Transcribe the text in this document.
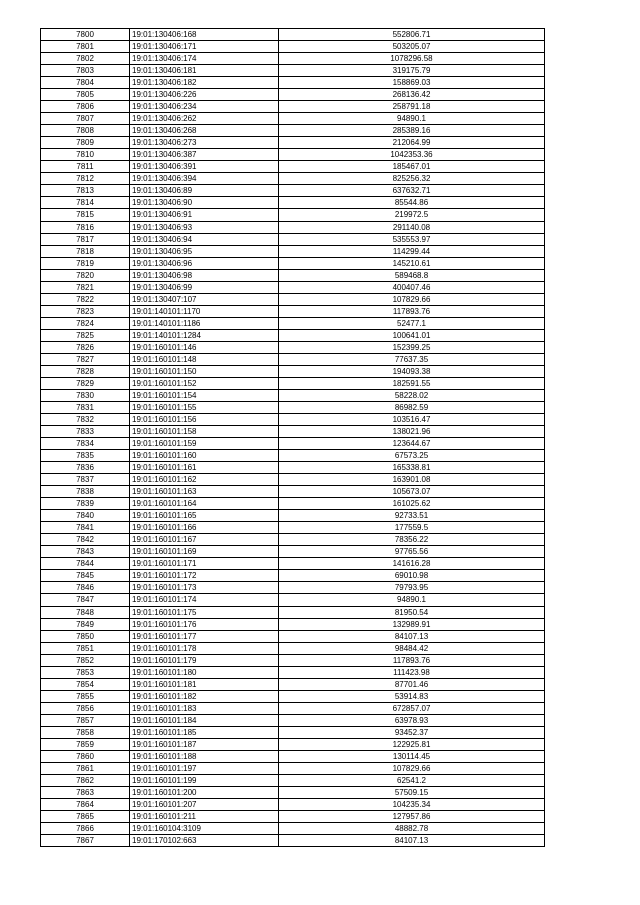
7800	19:01:130406:168	552806.71
7801	19:01:130406:171	503205.07
7802	19:01:130406:174	1078296.58
7803	19:01:130406:181	319175.79
7804	19:01:130406:182	158869.03
7805	19:01:130406:226	268136.42
7806	19:01:130406:234	258791.18
7807	19:01:130406:262	94890.1
7808	19:01:130406:268	285389.16
7809	19:01:130406:273	212064.99
7810	19:01:130406:387	1042353.36
7811	19:01:130406:391	185467.01
7812	19:01:130406:394	825256.32
7813	19:01:130406:89	637632.71
7814	19:01:130406:90	85544.86
7815	19:01:130406:91	219972.5
7816	19:01:130406:93	291140.08
7817	19:01:130406:94	535553.97
7818	19:01:130406:95	114299.44
7819	19:01:130406:96	145210.61
7820	19:01:130406:98	589468.8
7821	19:01:130406:99	400407.46
7822	19:01:130407:107	107829.66
7823	19:01:140101:1170	117893.76
7824	19:01:140101:1186	52477.1
7825	19:01:140101:1284	100641.01
7826	19:01:160101:146	152399.25
7827	19:01:160101:148	77637.35
7828	19:01:160101:150	194093.38
7829	19:01:160101:152	182591.55
7830	19:01:160101:154	58228.02
7831	19:01:160101:155	86982.59
7832	19:01:160101:156	103516.47
7833	19:01:160101:158	138021.96
7834	19:01:160101:159	123644.67
7835	19:01:160101:160	67573.25
7836	19:01:160101:161	165338.81
7837	19:01:160101:162	163901.08
7838	19:01:160101:163	105673.07
7839	19:01:160101:164	161025.62
7840	19:01:160101:165	92733.51
7841	19:01:160101:166	177559.5
7842	19:01:160101:167	78356.22
7843	19:01:160101:169	97765.56
7844	19:01:160101:171	141616.28
7845	19:01:160101:172	69010.98
7846	19:01:160101:173	79793.95
7847	19:01:160101:174	94890.1
7848	19:01:160101:175	81950.54
7849	19:01:160101:176	132989.91
7850	19:01:160101:177	84107.13
7851	19:01:160101:178	98484.42
7852	19:01:160101:179	117893.76
7853	19:01:160101:180	111423.98
7854	19:01:160101:181	87701.46
7855	19:01:160101:182	53914.83
7856	19:01:160101:183	672857.07
7857	19:01:160101:184	63978.93
7858	19:01:160101:185	93452.37
7859	19:01:160101:187	122925.81
7860	19:01:160101:188	130114.45
7861	19:01:160101:197	107829.66
7862	19:01:160101:199	62541.2
7863	19:01:160101:200	57509.15
7864	19:01:160101:207	104235.34
7865	19:01:160101:211	127957.86
7866	19:01:160104:3109	48882.78
7867	19:01:170102:663	84107.13
